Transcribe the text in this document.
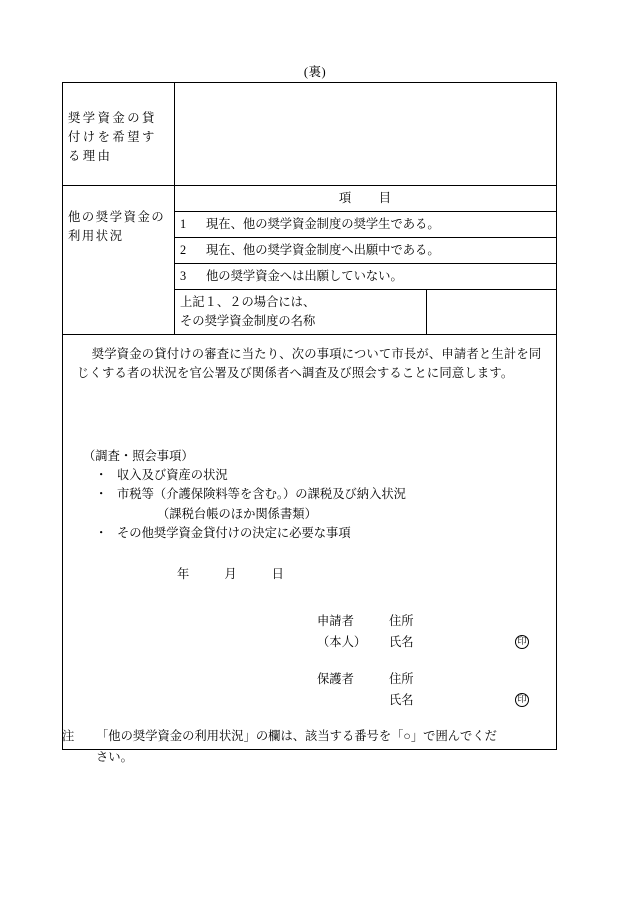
(裏)
奨学資金の貸付けを希望する理由		
他の奨学資金の利用状況	項　　目	
	1 現在、他の奨学資金制度の奨学生である。	
	2 現在、他の奨学資金制度へ出願中である。	
	3 他の奨学資金へは出願していない。	
	上記１、２の場合には、
その奨学資金制度の名称	

奨学資金の貸付けの審査に当たり、次の事項について市長が、申請者と生計を同じくする者の状況を官公署及び関係者へ調査及び照会することに同意します。

（調査・照会事項）

・ 収入及び資産の状況
・ 市税等（介護保険料等を含む。）の課税及び納入状況
（課税台帳のほか関係書類）
・ その他奨学資金貸付けの決定に必要な事項
年	月	日
申請者	住所
（本人） 氏名	印
保護者	住所
氏名	印
注 「他の奨学資金の利用状況」の欄は、該当する番号を「○」で囲んでくだ
さい。
